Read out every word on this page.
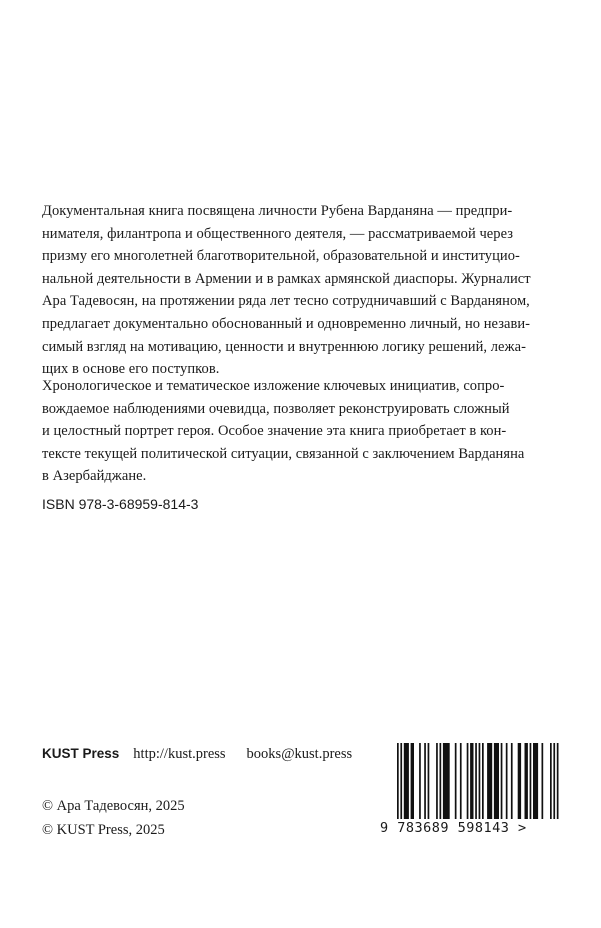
Документальная книга посвящена личности Рубена Варданяна — предпри-
нимателя, филантропа и общественного деятеля, — рассматриваемой через
призму его многолетней благотворительной, образовательной и институцио-
нальной деятельности в Армении и в рамках армянской диаспоры. Журналист
Ара Тадевосян, на протяжении ряда лет тесно сотрудничавший с Варданяном,
предлагает документально обоснованный и одновременно личный, но незави-
симый взгляд на мотивацию, ценности и внутреннюю логику решений, лежа-
щих в основе его поступков.

Хронологическое и тематическое изложение ключевых инициатив, сопро-
вождаемое наблюдениями очевидца, позволяет реконструировать сложный
и целостный портрет героя. Особое значение эта книга приобретает в кон-
тексте текущей политической ситуации, связанной с заключением Варданяна
в Азербайджане.

ISBN 978-3-68959-814-3
KUST Press http://kust.press books@kust.press
© Ара Тадевосян, 2025
© KUST Press, 2025	9 783689 598143 >
